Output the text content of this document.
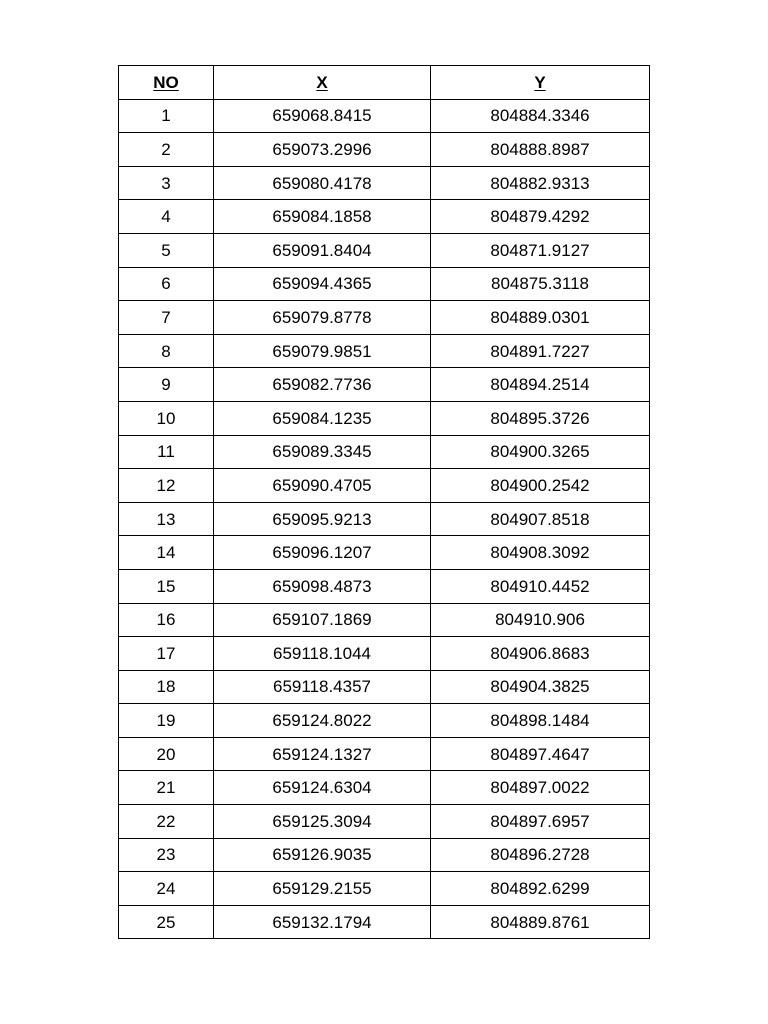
NO	X	Y
1	659068.8415	804884.3346
2	659073.2996	804888.8987
3	659080.4178	804882.9313
4	659084.1858	804879.4292
5	659091.8404	804871.9127
6	659094.4365	804875.3118
7	659079.8778	804889.0301
8	659079.9851	804891.7227
9	659082.7736	804894.2514
10	659084.1235	804895.3726
11	659089.3345	804900.3265
12	659090.4705	804900.2542
13	659095.9213	804907.8518
14	659096.1207	804908.3092
15	659098.4873	804910.4452
16	659107.1869	804910.906
17	659118.1044	804906.8683
18	659118.4357	804904.3825
19	659124.8022	804898.1484
20	659124.1327	804897.4647
21	659124.6304	804897.0022
22	659125.3094	804897.6957
23	659126.9035	804896.2728
24	659129.2155	804892.6299
25	659132.1794	804889.8761
